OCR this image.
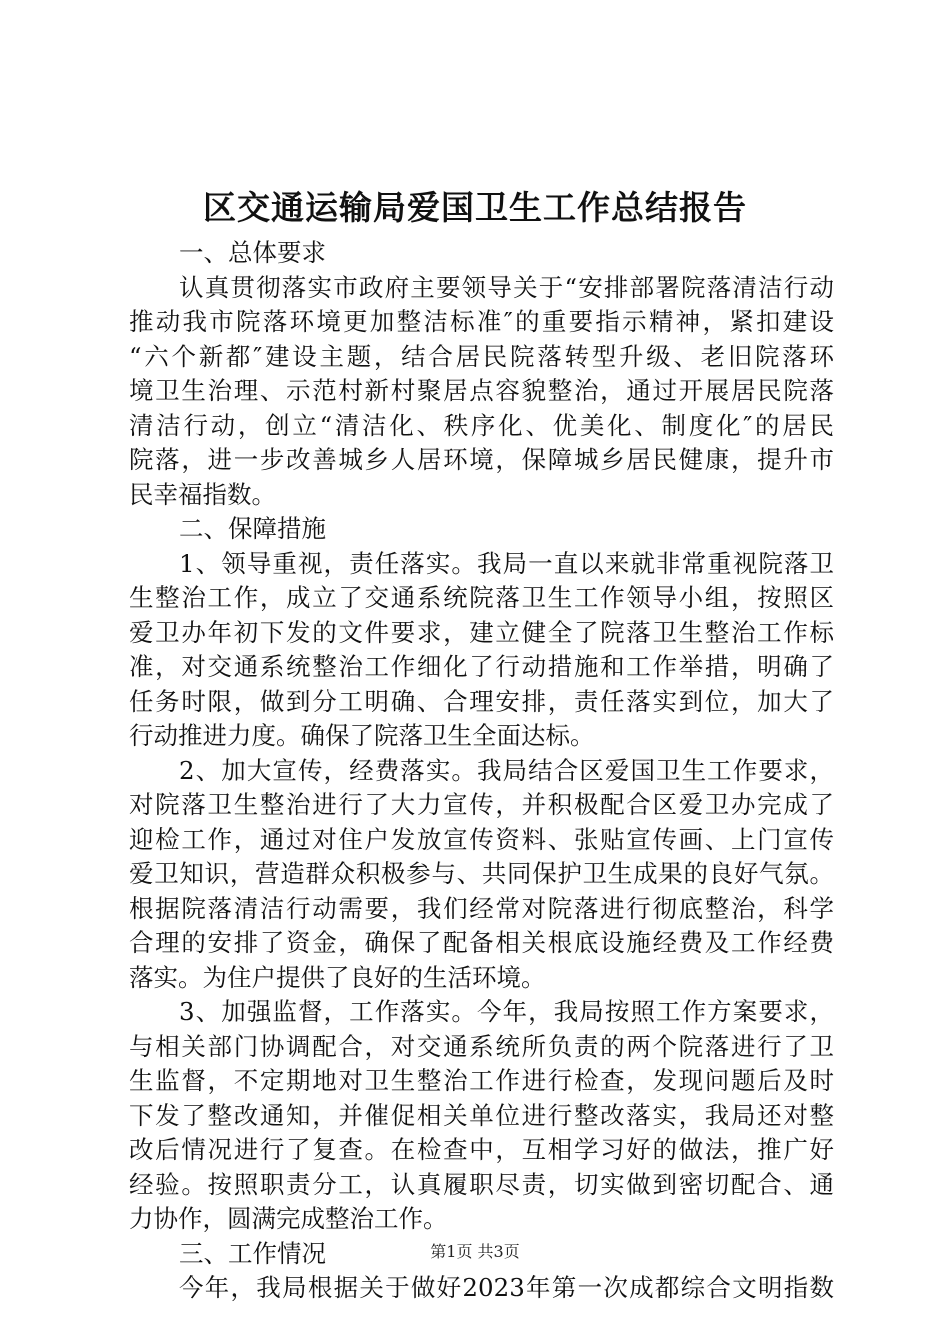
区交通运输局爱国卫生工作总结报告
一、总体要求
认真贯彻落实市政府主要领导关于“安排部署院落清洁行动
推动我市院落环境更加整洁标准″的重要指示精神，紧扣建设
“六个新都″建设主题，结合居民院落转型升级、老旧院落环
境卫生治理、示范村新村聚居点容貌整治，通过开展居民院落
清洁行动，创立“清洁化、秩序化、优美化、制度化″的居民
院落，进一步改善城乡人居环境，保障城乡居民健康，提升市
民幸福指数。
二、保障措施
1、领导重视，责任落实。我局一直以来就非常重视院落卫
生整治工作，成立了交通系统院落卫生工作领导小组，按照区
爱卫办年初下发的文件要求，建立健全了院落卫生整治工作标
准，对交通系统整治工作细化了行动措施和工作举措，明确了
任务时限，做到分工明确、合理安排，责任落实到位，加大了
行动推进力度。确保了院落卫生全面达标。
2、加大宣传，经费落实。我局结合区爱国卫生工作要求，
对院落卫生整治进行了大力宣传，并积极配合区爱卫办完成了
迎检工作，通过对住户发放宣传资料、张贴宣传画、上门宣传
爱卫知识，营造群众积极参与、共同保护卫生成果的良好气氛。
根据院落清洁行动需要，我们经常对院落进行彻底整治，科学
合理的安排了资金，确保了配备相关根底设施经费及工作经费
落实。为住户提供了良好的生活环境。
3、加强监督，工作落实。今年，我局按照工作方案要求，
与相关部门协调配合，对交通系统所负责的两个院落进行了卫
生监督，不定期地对卫生整治工作进行检查，发现问题后及时
下发了整改通知，并催促相关单位进行整改落实，我局还对整
改后情况进行了复查。在检查中，互相学习好的做法，推广好
经验。按照职责分工，认真履职尽责，切实做到密切配合、通
力协作，圆满完成整治工作。
三、工作情况
今年，我局根据关于做好2023年第一次成都综合文明指数
第1页 共3页
